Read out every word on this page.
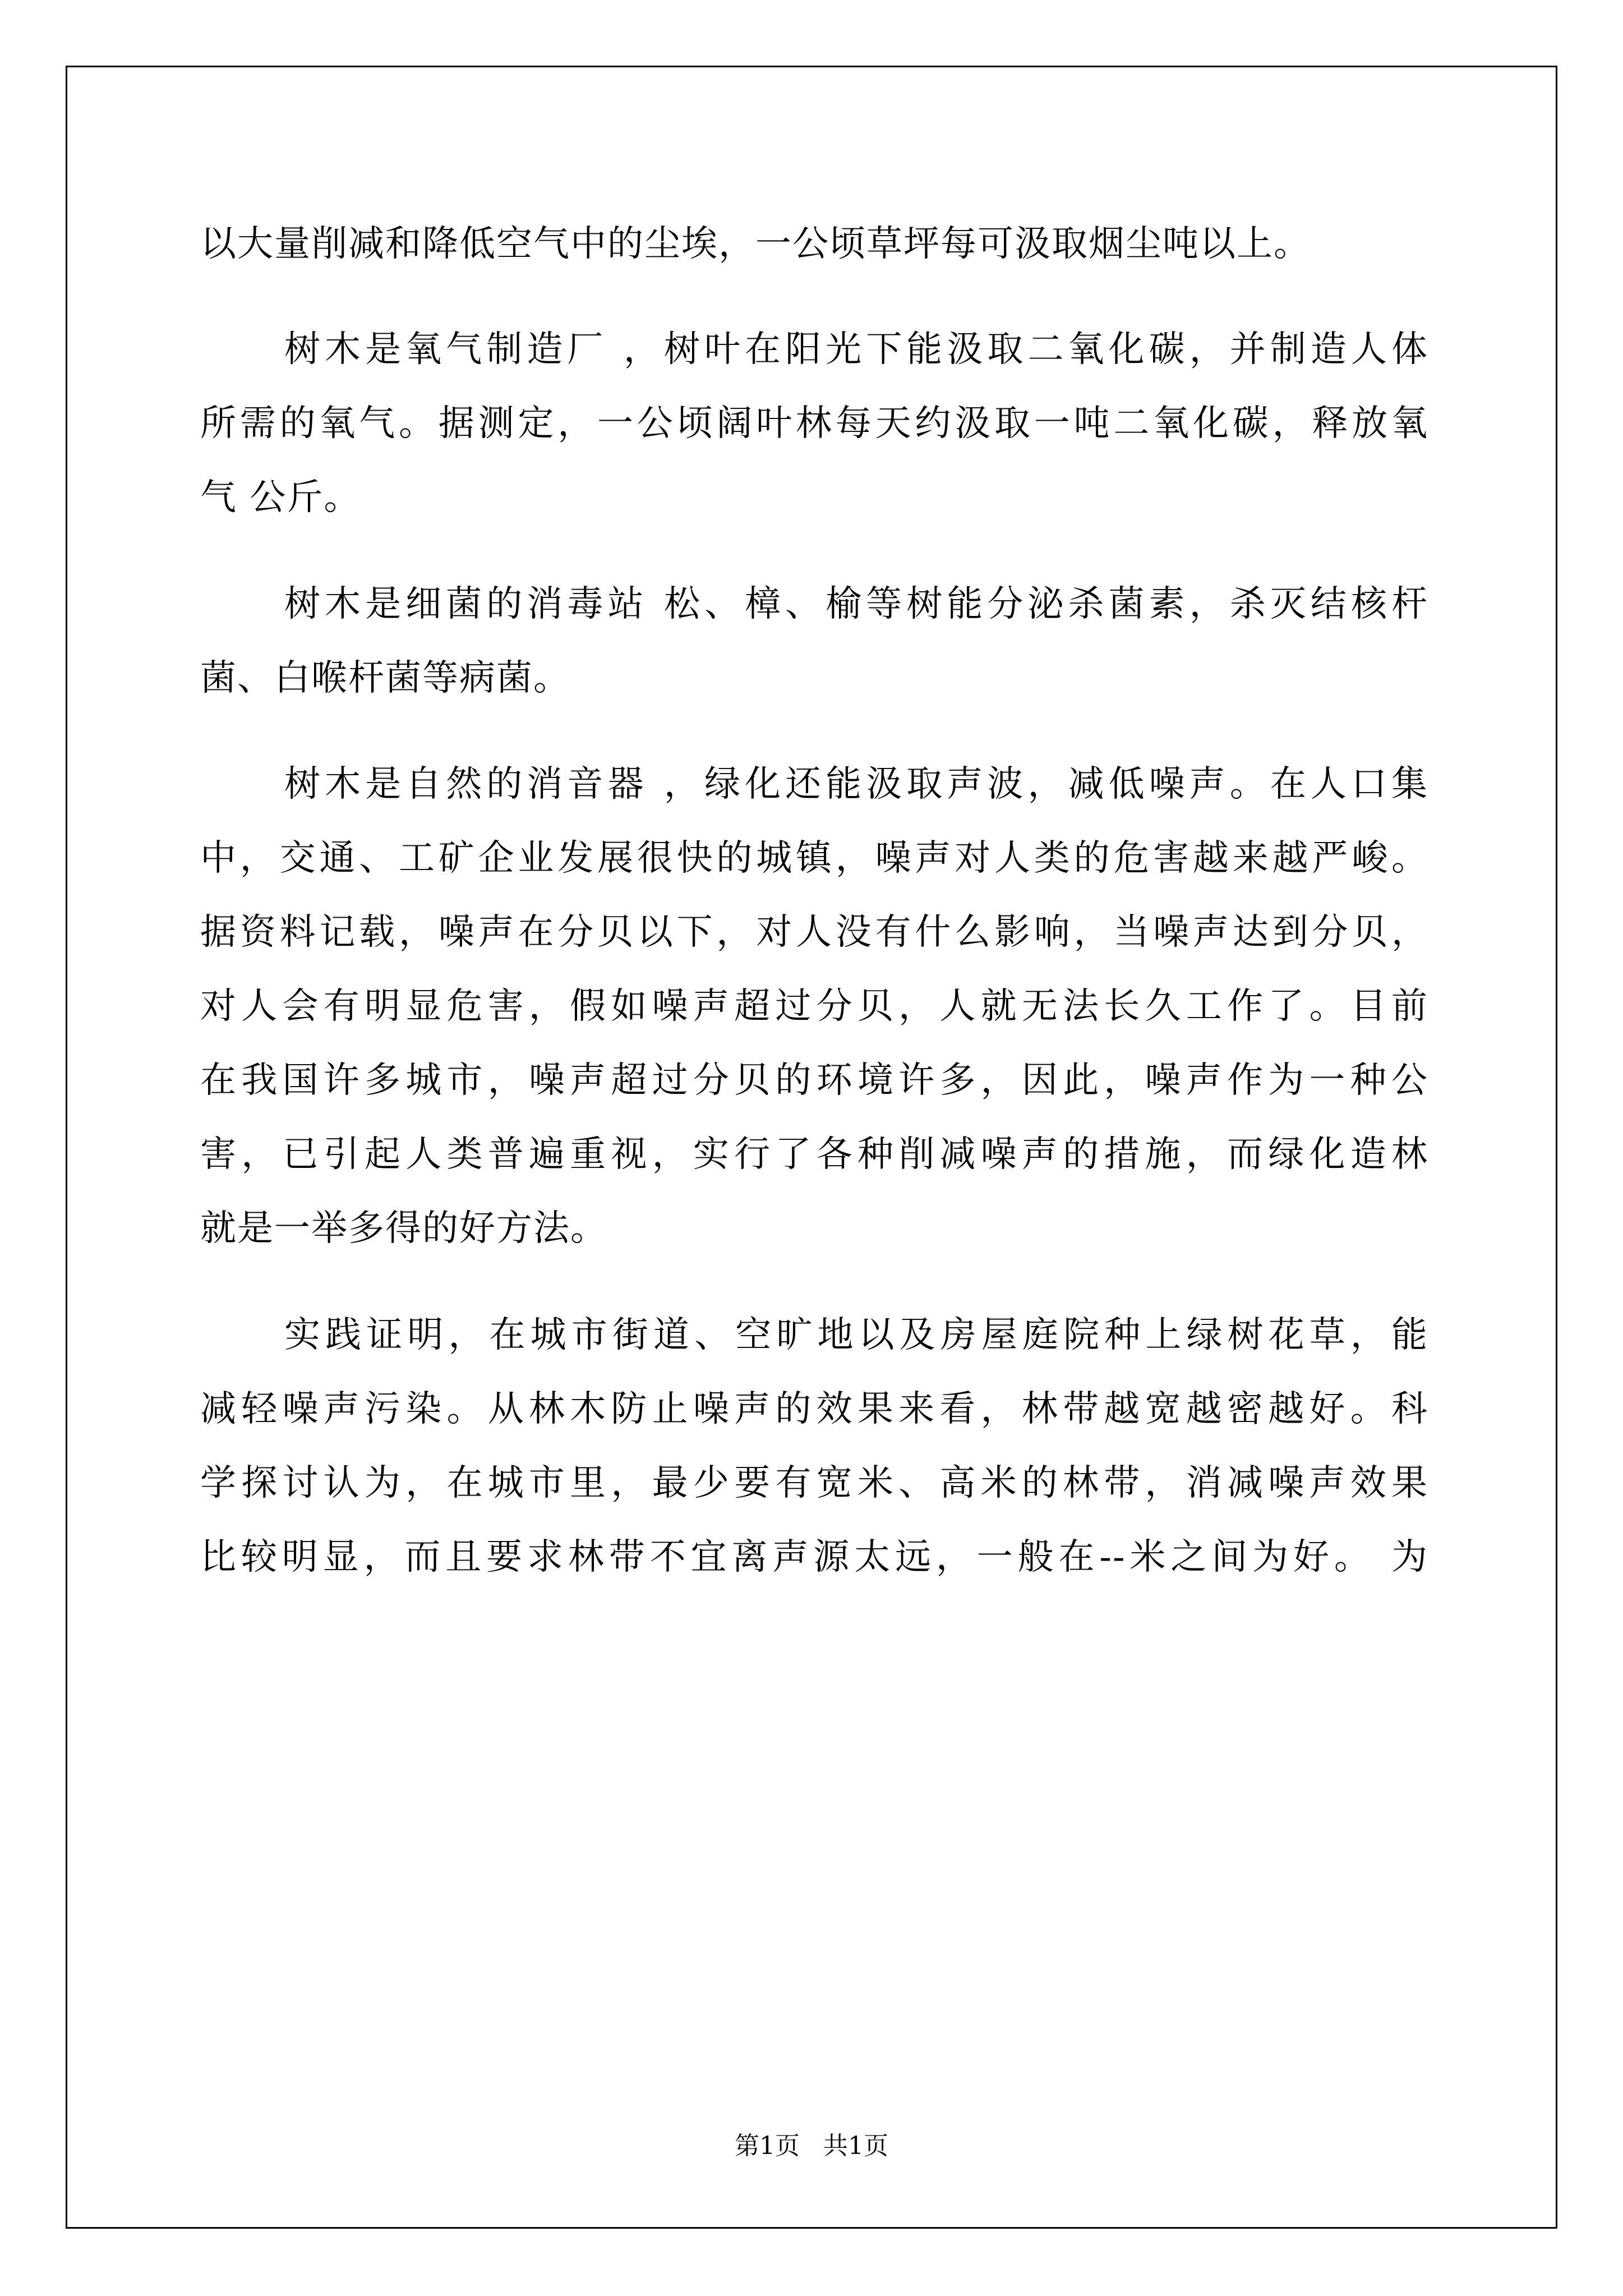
以大量削减和降低空气中的尘埃，一公顷草坪每可汲取烟尘吨以上。
树木是氧气制造厂 ，树叶在阳光下能汲取二氧化碳，并制造人体
所需的氧气。据测定，一公顷阔叶林每天约汲取一吨二氧化碳，释放氧
气 公斤。
树木是细菌的消毒站 松、樟、榆等树能分泌杀菌素，杀灭结核杆
菌、白喉杆菌等病菌。
树木是自然的消音器 ，绿化还能汲取声波，减低噪声。在人口集
中，交通、工矿企业发展很快的城镇，噪声对人类的危害越来越严峻。
据资料记载，噪声在分贝以下，对人没有什么影响，当噪声达到分贝，
对人会有明显危害，假如噪声超过分贝，人就无法长久工作了。目前
在我国许多城市，噪声超过分贝的环境许多，因此，噪声作为一种公
害，已引起人类普遍重视，实行了各种削减噪声的措施，而绿化造林
就是一举多得的好方法。
实践证明，在城市街道、空旷地以及房屋庭院种上绿树花草，能
减轻噪声污染。从林木防止噪声的效果来看，林带越宽越密越好。科
学探讨认为，在城市里，最少要有宽米、高米的林带，消减噪声效果
比较明显，而且要求林带不宜离声源太远，一般在--米之间为好。 为
第1页   共1页
